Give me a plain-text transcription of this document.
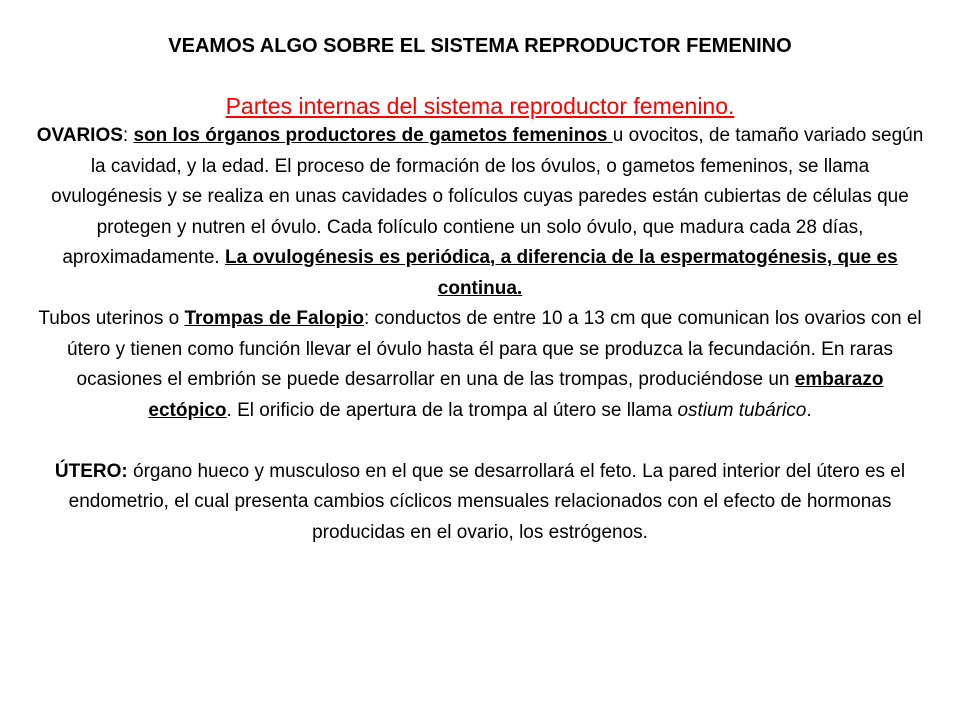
VEAMOS ALGO SOBRE EL SISTEMA REPRODUCTOR FEMENINO
Partes internas del sistema reproductor femenino.

OVARIOS: son los órganos productores de gametos femeninos u ovocitos, de tamaño variado según la cavidad, y la edad. El proceso de formación de los óvulos, o gametos femeninos, se llama ovulogénesis y se realiza en unas cavidades o folículos cuyas paredes están cubiertas de células que protegen y nutren el óvulo. Cada folículo contiene un solo óvulo, que madura cada 28 días, aproximadamente. La ovulogénesis es periódica, a diferencia de la espermatogénesis, que es continua.

Tubos uterinos o Trompas de Falopio: conductos de entre 10 a 13 cm que comunican los ovarios con el útero y tienen como función llevar el óvulo hasta él para que se produzca la fecundación. En raras ocasiones el embrión se puede desarrollar en una de las trompas, produciéndose un embarazo ectópico. El orificio de apertura de la trompa al útero se llama ostium tubárico.

ÚTERO: órgano hueco y musculoso en el que se desarrollará el feto. La pared interior del útero es el endometrio, el cual presenta cambios cíclicos mensuales relacionados con el efecto de hormonas producidas en el ovario, los estrógenos.
